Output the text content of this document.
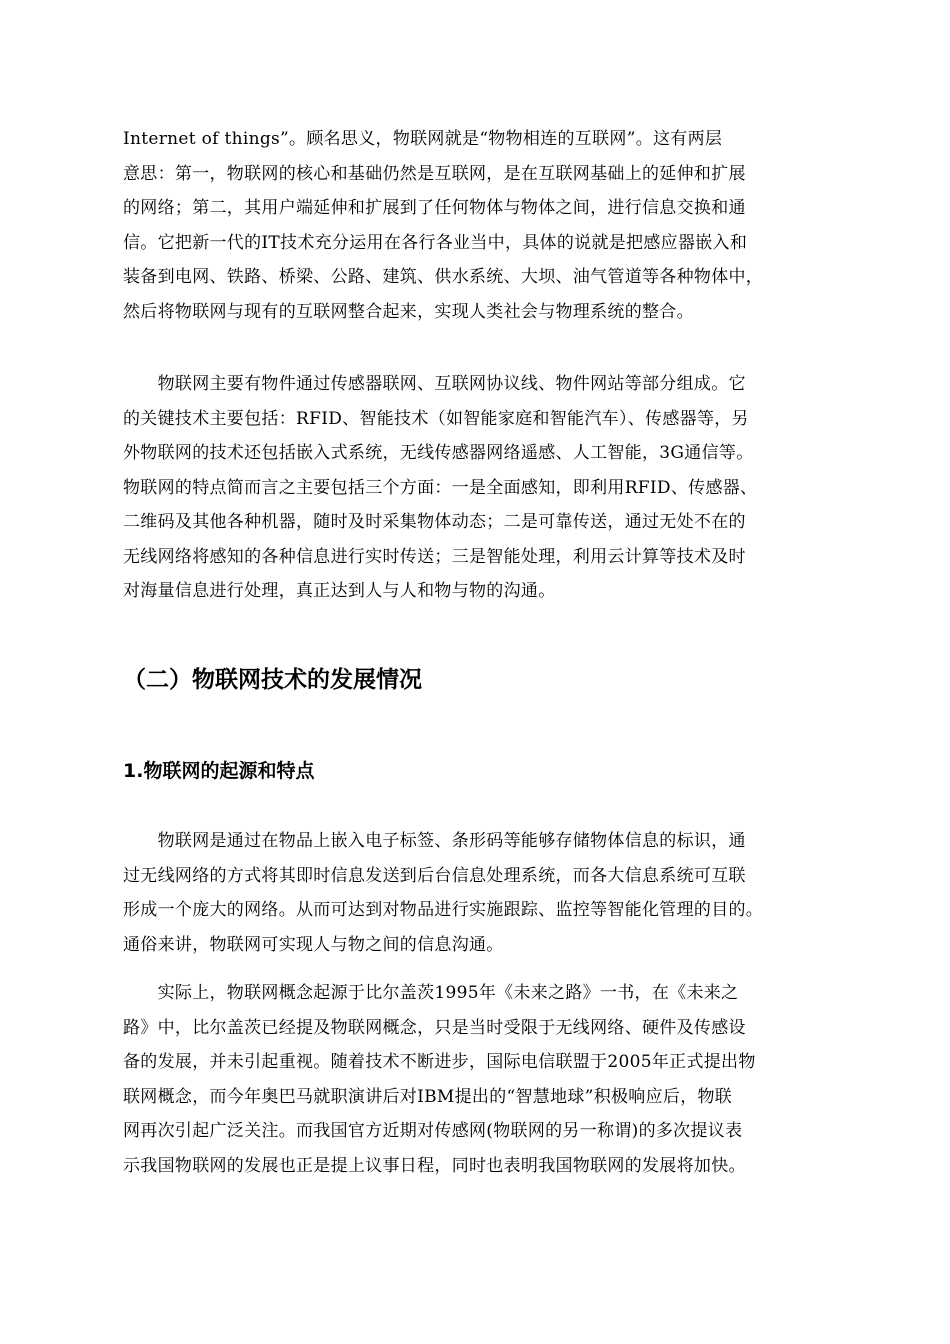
Internet of things”。顾名思义，物联网就是“物物相连的互联网”。这有两层
意思：第一，物联网的核心和基础仍然是互联网，是在互联网基础上的延伸和扩展
的网络；第二，其用户端延伸和扩展到了任何物体与物体之间，进行信息交换和通
信。它把新一代的IT技术充分运用在各行各业当中，具体的说就是把感应器嵌入和
装备到电网、铁路、桥梁、公路、建筑、供水系统、大坝、油气管道等各种物体中，
然后将物联网与现有的互联网整合起来，实现人类社会与物理系统的整合。
　　物联网主要有物件通过传感器联网、互联网协议线、物件网站等部分组成。它
的关键技术主要包括：RFID、智能技术（如智能家庭和智能汽车）、传感器等，另
外物联网的技术还包括嵌入式系统，无线传感器网络遥感、人工智能，3G通信等。
物联网的特点简而言之主要包括三个方面：一是全面感知，即利用RFID、传感器、
二维码及其他各种机器，随时及时采集物体动态；二是可靠传送，通过无处不在的
无线网络将感知的各种信息进行实时传送；三是智能处理，利用云计算等技术及时
对海量信息进行处理，真正达到人与人和物与物的沟通。
（二）物联网技术的发展情况
1.物联网的起源和特点
　　物联网是通过在物品上嵌入电子标签、条形码等能够存储物体信息的标识，通
过无线网络的方式将其即时信息发送到后台信息处理系统，而各大信息系统可互联
形成一个庞大的网络。从而可达到对物品进行实施跟踪、监控等智能化管理的目的。
通俗来讲，物联网可实现人与物之间的信息沟通。
　　实际上，物联网概念起源于比尔盖茨1995年《未来之路》一书，在《未来之
路》中，比尔盖茨已经提及物联网概念，只是当时受限于无线网络、硬件及传感设
备的发展，并未引起重视。随着技术不断进步，国际电信联盟于2005年正式提出物
联网概念，而今年奥巴马就职演讲后对IBM提出的“智慧地球”积极响应后，物联
网再次引起广泛关注。而我国官方近期对传感网(物联网的另一称谓)的多次提议表
示我国物联网的发展也正是提上议事日程，同时也表明我国物联网的发展将加快。
